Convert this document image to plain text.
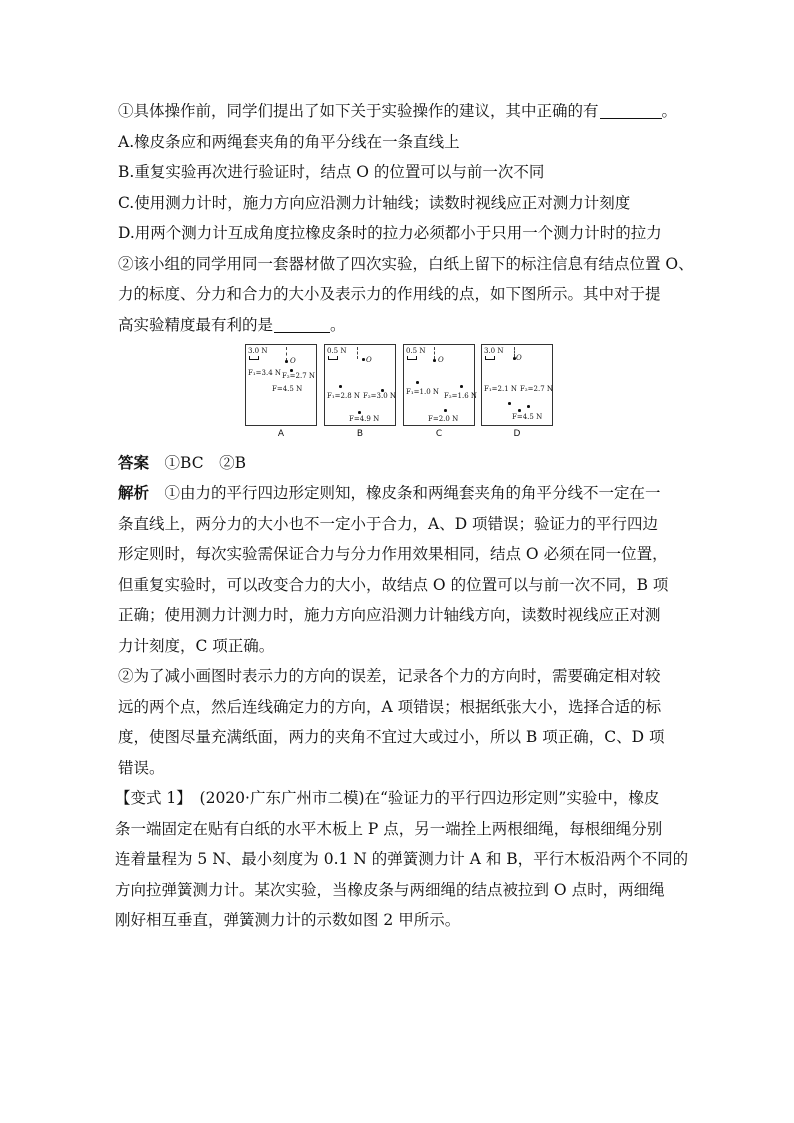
①具体操作前，同学们提出了如下关于实验操作的建议，其中正确的有	。
A.橡皮条应和两绳套夹角的角平分线在一条直线上
B.重复实验再次进行验证时，结点 O 的位置可以与前一次不同
C.使用测力计时，施力方向应沿测力计轴线；读数时视线应正对测力计刻度
D.用两个测力计互成角度拉橡皮条时的拉力必须都小于只用一个测力计时的拉力
②该小组的同学用同一套器材做了四次实验，白纸上留下的标注信息有结点位置 O、
力的标度、分力和合力的大小及表示力的作用线的点，如下图所示。其中对于提
高实验精度最有利的是	。
3.0 N
O
F₁=3.4 N F₂=2.7 N
F=4.5 N
A
0.5 N
O
F₁=2.8 N F₂=3.0 N
F=4.9 N
B
0.5 N
O
F₁=1.0 N F₂=1.6 N
F=2.0 N
C
3.0 N
O
F₁=2.1 N F₂=2.7 N
F=4.5 N
D
答案　 ①BC　②B
解析　 ①由力的平行四边形定则知，橡皮条和两绳套夹角的角平分线不一定在一
条直线上，两分力的大小也不一定小于合力，A、D 项错误；验证力的平行四边
形定则时，每次实验需保证合力与分力作用效果相同，结点 O 必须在同一位置，
但重复实验时，可以改变合力的大小，故结点 O 的位置可以与前一次不同，B 项
正确；使用测力计测力时，施力方向应沿测力计轴线方向，读数时视线应正对测
力计刻度，C 项正确。
②为了减小画图时表示力的方向的误差，记录各个力的方向时，需要确定相对较
远的两个点，然后连线确定力的方向，A 项错误；根据纸张大小，选择合适的标
度，使图尽量充满纸面，两力的夹角不宜过大或过小，所以 B 项正确，C、D 项
错误。
【变式 1】　(2020·广东广州市二模)在“验证力的平行四边形定则”实验中，橡皮
条一端固定在贴有白纸的水平木板上 P 点，另一端拴上两根细绳，每根细绳分别
连着量程为 5 N、最小刻度为 0.1 N 的弹簧测力计 A 和 B，平行木板沿两个不同的
方向拉弹簧测力计。某次实验，当橡皮条与两细绳的结点被拉到 O 点时，两细绳
刚好相互垂直，弹簧测力计的示数如图 2 甲所示。
